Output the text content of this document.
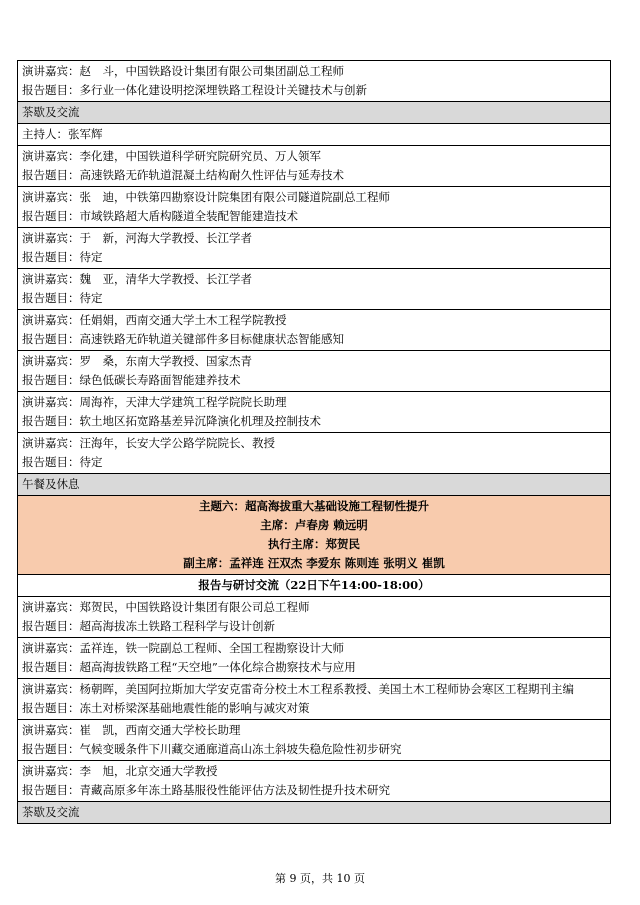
演讲嘉宾：赵　斗，中国铁路设计集团有限公司集团副总工程师
报告题目：多行业一体化建设明挖深埋铁路工程设计关键技术与创新

茶歇及交流

主持人：张军辉

演讲嘉宾：李化建，中国铁道科学研究院研究员、万人领军
报告题目：高速铁路无砟轨道混凝土结构耐久性评估与延寿技术

演讲嘉宾：张　迪，中铁第四勘察设计院集团有限公司隧道院副总工程师
报告题目：市域铁路超大盾构隧道全装配智能建造技术

演讲嘉宾：于　新，河海大学教授、长江学者
报告题目：待定

演讲嘉宾：魏　亚，清华大学教授、长江学者
报告题目：待定

演讲嘉宾：任娟娟，西南交通大学土木工程学院教授
报告题目：高速铁路无砟轨道关键部件多目标健康状态智能感知

演讲嘉宾：罗　桑，东南大学教授、国家杰青
报告题目：绿色低碳长寿路面智能建养技术

演讲嘉宾：周海祚，天津大学建筑工程学院院长助理
报告题目：软土地区拓宽路基差异沉降演化机理及控制技术

演讲嘉宾：汪海年，长安大学公路学院院长、教授
报告题目：待定

午餐及休息

主题六：超高海拔重大基础设施工程韧性提升
主席：卢春房 赖远明
执行主席：郑贺民
副主席：孟祥连 汪双杰 李爱东 陈则连 张明义 崔凯

报告与研讨交流（22日下午14:00-18:00）

演讲嘉宾：郑贺民，中国铁路设计集团有限公司总工程师
报告题目：超高海拔冻土铁路工程科学与设计创新

演讲嘉宾：孟祥连，铁一院副总工程师、全国工程勘察设计大师
报告题目：超高海拔铁路工程“天空地”一体化综合勘察技术与应用

演讲嘉宾：杨朝晖，美国阿拉斯加大学安克雷奇分校土木工程系教授、美国土木工程师协会寒区工程期刊主编
报告题目：冻土对桥梁深基础地震性能的影响与减灾对策

演讲嘉宾：崔　凯，西南交通大学校长助理
报告题目：气候变暖条件下川藏交通廊道高山冻土斜坡失稳危险性初步研究

演讲嘉宾：李　旭，北京交通大学教授
报告题目：青藏高原多年冻土路基服役性能评估方法及韧性提升技术研究

茶歇及交流
第 9 页，共 10 页
